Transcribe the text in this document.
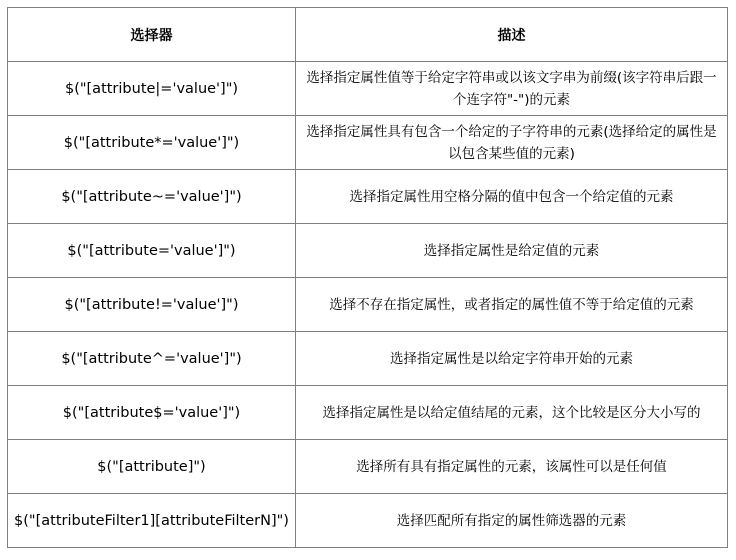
选择器	描述
$("[attribute|='value']")	选择指定属性值等于给定字符串或以该文字串为前缀(该字符串后跟一个连字符"-")的元素
$("[attribute*='value']")	选择指定属性具有包含一个给定的子字符串的元素(选择给定的属性是以包含某些值的元素)
$("[attribute~='value']")	选择指定属性用空格分隔的值中包含一个给定值的元素
$("[attribute='value']")	选择指定属性是给定值的元素
$("[attribute!='value']")	选择不存在指定属性，或者指定的属性值不等于给定值的元素
$("[attribute^='value']")	选择指定属性是以给定字符串开始的元素
$("[attribute$='value']")	选择指定属性是以给定值结尾的元素，这个比较是区分大小写的
$("[attribute]")	选择所有具有指定属性的元素，该属性可以是任何值
$("[attributeFilter1][attributeFilterN]")	选择匹配所有指定的属性筛选器的元素
